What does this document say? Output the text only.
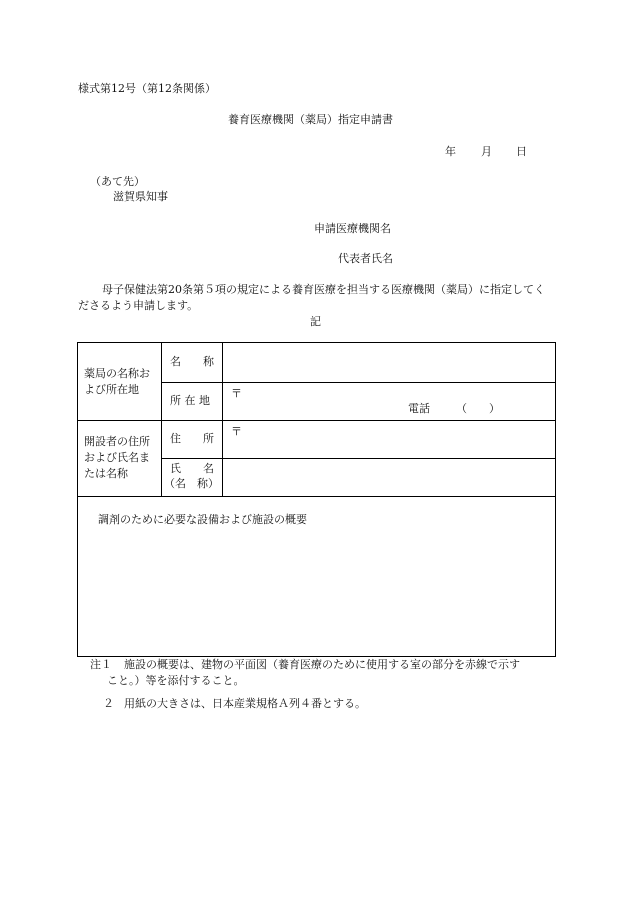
様式第12号（第12条関係）
養育医療機関（薬局）指定申請書
年 月 日
（あて先）
滋賀県知事
申請医療機関名
代表者氏名
母子保健法第20条第５項の規定による養育医療を担当する医療機関（薬局）に指定してくださるよう申請します。
記
薬局の名称お
よび所在地
名　　称
所 在 地
〒
電話 （　　）
開設者の住所
および氏名ま
たは名称
住　　所
〒
氏　　名
（名　称）
調剤のために必要な設備および施設の概要
注１ 施設の概要は、建物の平面図（養育医療のために使用する室の部分を赤線で示す
こと。）等を添付すること。
２ 用紙の大きさは、日本産業規格Ａ列４番とする。
